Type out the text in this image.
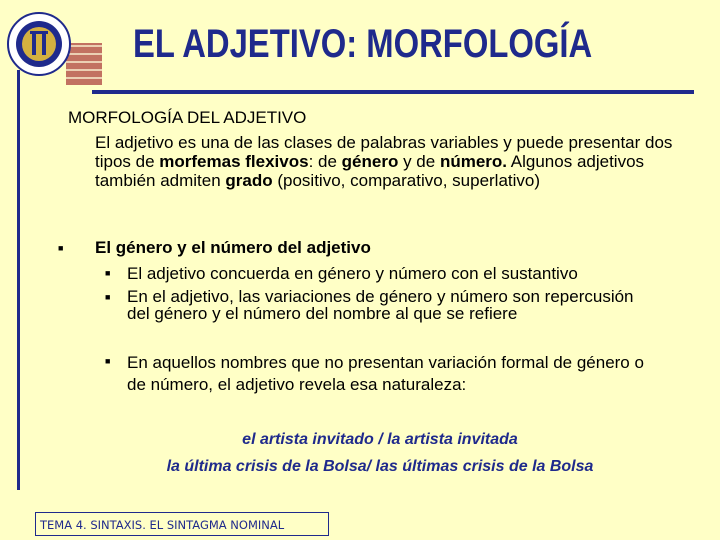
EL ADJETIVO: MORFOLOGÍA
MORFOLOGÍA DEL ADJETIVO
El adjetivo es una de las clases de palabras variables y puede presentar dos tipos de morfemas flexivos: de género y de número. Algunos adjetivos también admiten grado (positivo, comparativo, superlativo)
■ El género y el número del adjetivo
■ El adjetivo concuerda en género y número con el sustantivo
■ En el adjetivo, las variaciones de género y número son repercusión del género y el número del nombre al que se refiere
■ En aquellos nombres que no presentan variación formal de género o de número, el adjetivo revela esa naturaleza:
el artista invitado / la artista invitada
la última crisis de la Bolsa/ las últimas crisis de la Bolsa
TEMA 4. SINTAXIS. EL SINTAGMA NOMINAL
